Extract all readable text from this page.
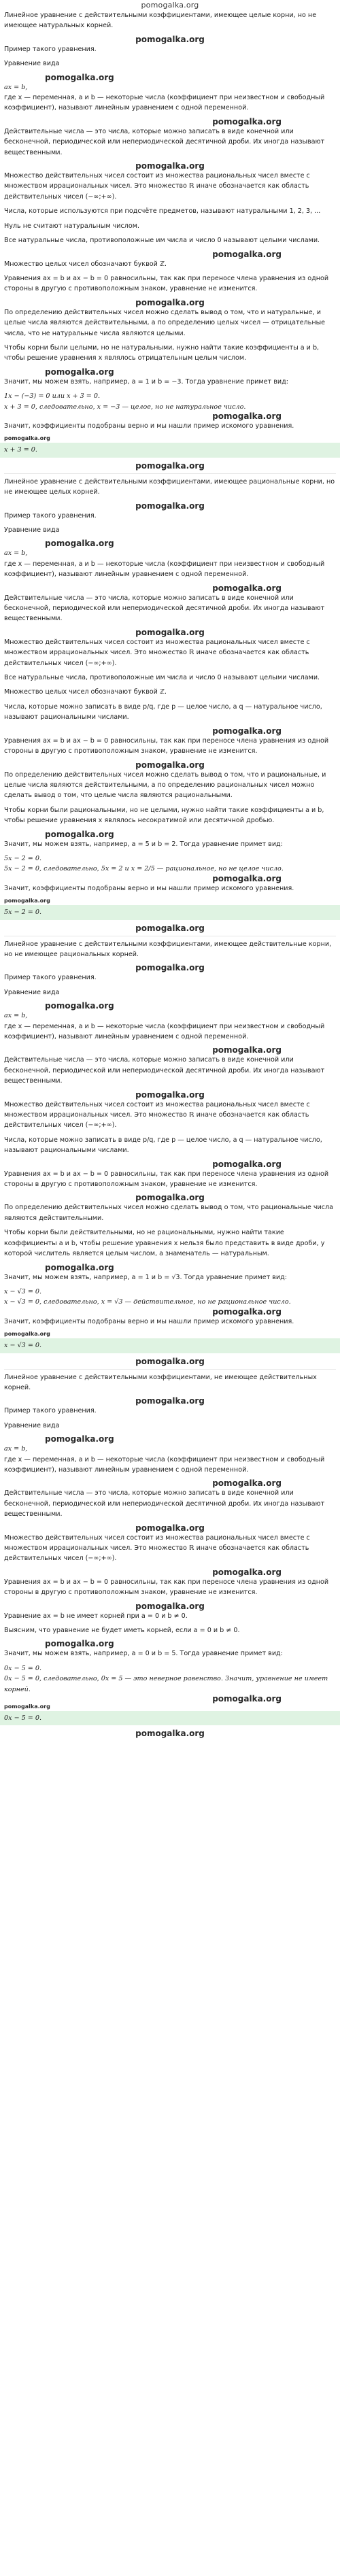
pomogalka.org

Линейное уравнение с действительными коэффициентами, имеющее целые корни, но не имеющее натуральных корней.

pomogalka.org

Пример такого уравнения.

Уравнение вида

pomogalka.org
ax = b,

где x — переменная, a и b — некоторые числа (коэффициент при неизвестном и свободный коэффициент), называют линейным уравнением с одной переменной.

pomogalka.org

Действительные числа — это числа, которые можно записать в виде конечной или бесконечной, периодической или непериодической десятичной дроби. Их иногда называют вещественными.

pomogalka.org

Множество действительных чисел состоит из множества рациональных чисел вместе с множеством иррациональных чисел. Это множество ℝ иначе обозначается как область действительных чисел (−∞;+∞).

Числа, которые используются при подсчёте предметов, называют натуральными 1, 2, 3, ...

Нуль не считают натуральным числом.

Все натуральные числа, противоположные им числа и число 0 называют целыми числами.

pomogalka.org

Множество целых чисел обозначают буквой ℤ.

Уравнения ax = b и ax − b = 0 равносильны, так как при переносе члена уравнения из одной стороны в другую с противоположным знаком, уравнение не изменится.

pomogalka.org

По определению действительных чисел можно сделать вывод о том, что и натуральные, и целые числа являются действительными, а по определению целых чисел — отрицательные числа, что не натуральные числа являются целыми.

Чтобы корни были целыми, но не натуральными, нужно найти такие коэффициенты a и b, чтобы решение уравнения x являлось отрицательным целым числом.

pomogalka.org

Значит, мы можем взять, например, a = 1 и b = −3. Тогда уравнение примет вид:

1x − (−3) = 0 или x + 3 = 0.
x + 3 = 0, следовательно, x = −3 — целое, но не натуральное число.
pomogalka.org

Значит, коэффициенты подобраны верно и мы нашли пример искомого уравнения.

pomogalka.org
x + 3 = 0.
pomogalka.org

Линейное уравнение с действительными коэффициентами, имеющее рациональные корни, но не имеющее целых корней.

pomogalka.org

Пример такого уравнения.

Уравнение вида

pomogalka.org
ax = b,

где x — переменная, a и b — некоторые числа (коэффициент при неизвестном и свободный коэффициент), называют линейным уравнением с одной переменной.

pomogalka.org

Действительные числа — это числа, которые можно записать в виде конечной или бесконечной, периодической или непериодической десятичной дроби. Их иногда называют вещественными.

pomogalka.org

Множество действительных чисел состоит из множества рациональных чисел вместе с множеством иррациональных чисел. Это множество ℝ иначе обозначается как область действительных чисел (−∞;+∞).

Все натуральные числа, противоположные им числа и число 0 называют целыми числами.

Множество целых чисел обозначают буквой ℤ.

Числа, которые можно записать в виде p/q, где p — целое число, а q — натуральное число, называют рациональными числами.

pomogalka.org

Уравнения ax = b и ax − b = 0 равносильны, так как при переносе члена уравнения из одной стороны в другую с противоположным знаком, уравнение не изменится.

pomogalka.org

По определению действительных чисел можно сделать вывод о том, что и рациональные, и целые числа являются действительными, а по определению рациональных чисел можно сделать вывод о том, что целые числа являются рациональными.

Чтобы корни были рациональными, но не целыми, нужно найти такие коэффициенты a и b, чтобы решение уравнения x являлось несократимой или десятичной дробью.

pomogalka.org

Значит, мы можем взять, например, a = 5 и b = 2. Тогда уравнение примет вид:

5x − 2 = 0.
5x − 2 = 0, следовательно, 5x = 2 и x = 2/5 — рациональное, но не целое число.
pomogalka.org

Значит, коэффициенты подобраны верно и мы нашли пример искомого уравнения.

pomogalka.org
5x − 2 = 0.
pomogalka.org

Линейное уравнение с действительными коэффициентами, имеющее действительные корни, но не имеющее рациональных корней.

pomogalka.org

Пример такого уравнения.

Уравнение вида

pomogalka.org
ax = b,

где x — переменная, a и b — некоторые числа (коэффициент при неизвестном и свободный коэффициент), называют линейным уравнением с одной переменной.

pomogalka.org

Действительные числа — это числа, которые можно записать в виде конечной или бесконечной, периодической или непериодической десятичной дроби. Их иногда называют вещественными.

pomogalka.org

Множество действительных чисел состоит из множества рациональных чисел вместе с множеством иррациональных чисел. Это множество ℝ иначе обозначается как область действительных чисел (−∞;+∞).

Числа, которые можно записать в виде p/q, где p — целое число, а q — натуральное число, называют рациональными числами.

pomogalka.org

Уравнения ax = b и ax − b = 0 равносильны, так как при переносе члена уравнения из одной стороны в другую с противоположным знаком, уравнение не изменится.

pomogalka.org

По определению действительных чисел можно сделать вывод о том, что рациональные числа являются действительными.

Чтобы корни были действительными, но не рациональными, нужно найти такие коэффициенты a и b, чтобы решение уравнения x нельзя было представить в виде дроби, у которой числитель является целым числом, а знаменатель — натуральным.

pomogalka.org

Значит, мы можем взять, например, a = 1 и b = √3. Тогда уравнение примет вид:

x − √3 = 0.
x − √3 = 0, следовательно, x = √3 — действительное, но не рациональное число.
pomogalka.org

Значит, коэффициенты подобраны верно и мы нашли пример искомого уравнения.

pomogalka.org
x − √3 = 0.
pomogalka.org

Линейное уравнение с действительными коэффициентами, не имеющее действительных корней.

pomogalka.org

Пример такого уравнения.

Уравнение вида

pomogalka.org
ax = b,

где x — переменная, a и b — некоторые числа (коэффициент при неизвестном и свободный коэффициент), называют линейным уравнением с одной переменной.

pomogalka.org

Действительные числа — это числа, которые можно записать в виде конечной или бесконечной, периодической или непериодической десятичной дроби. Их иногда называют вещественными.

pomogalka.org

Множество действительных чисел состоит из множества рациональных чисел вместе с множеством иррациональных чисел. Это множество ℝ иначе обозначается как область действительных чисел (−∞;+∞).

pomogalka.org

Уравнения ax = b и ax − b = 0 равносильны, так как при переносе члена уравнения из одной стороны в другую с противоположным знаком, уравнение не изменится.

pomogalka.org

Уравнение ax = b не имеет корней при a = 0 и b ≠ 0.

Выясним, что уравнение не будет иметь корней, если a = 0 и b ≠ 0.

pomogalka.org

Значит, мы можем взять, например, a = 0 и b = 5. Тогда уравнение примет вид:

0x − 5 = 0.
0x − 5 = 0, следовательно, 0x = 5 — это неверное равенство. Значит, уравнение не имеет корней.
pomogalka.org
pomogalka.org
0x − 5 = 0.
pomogalka.org
